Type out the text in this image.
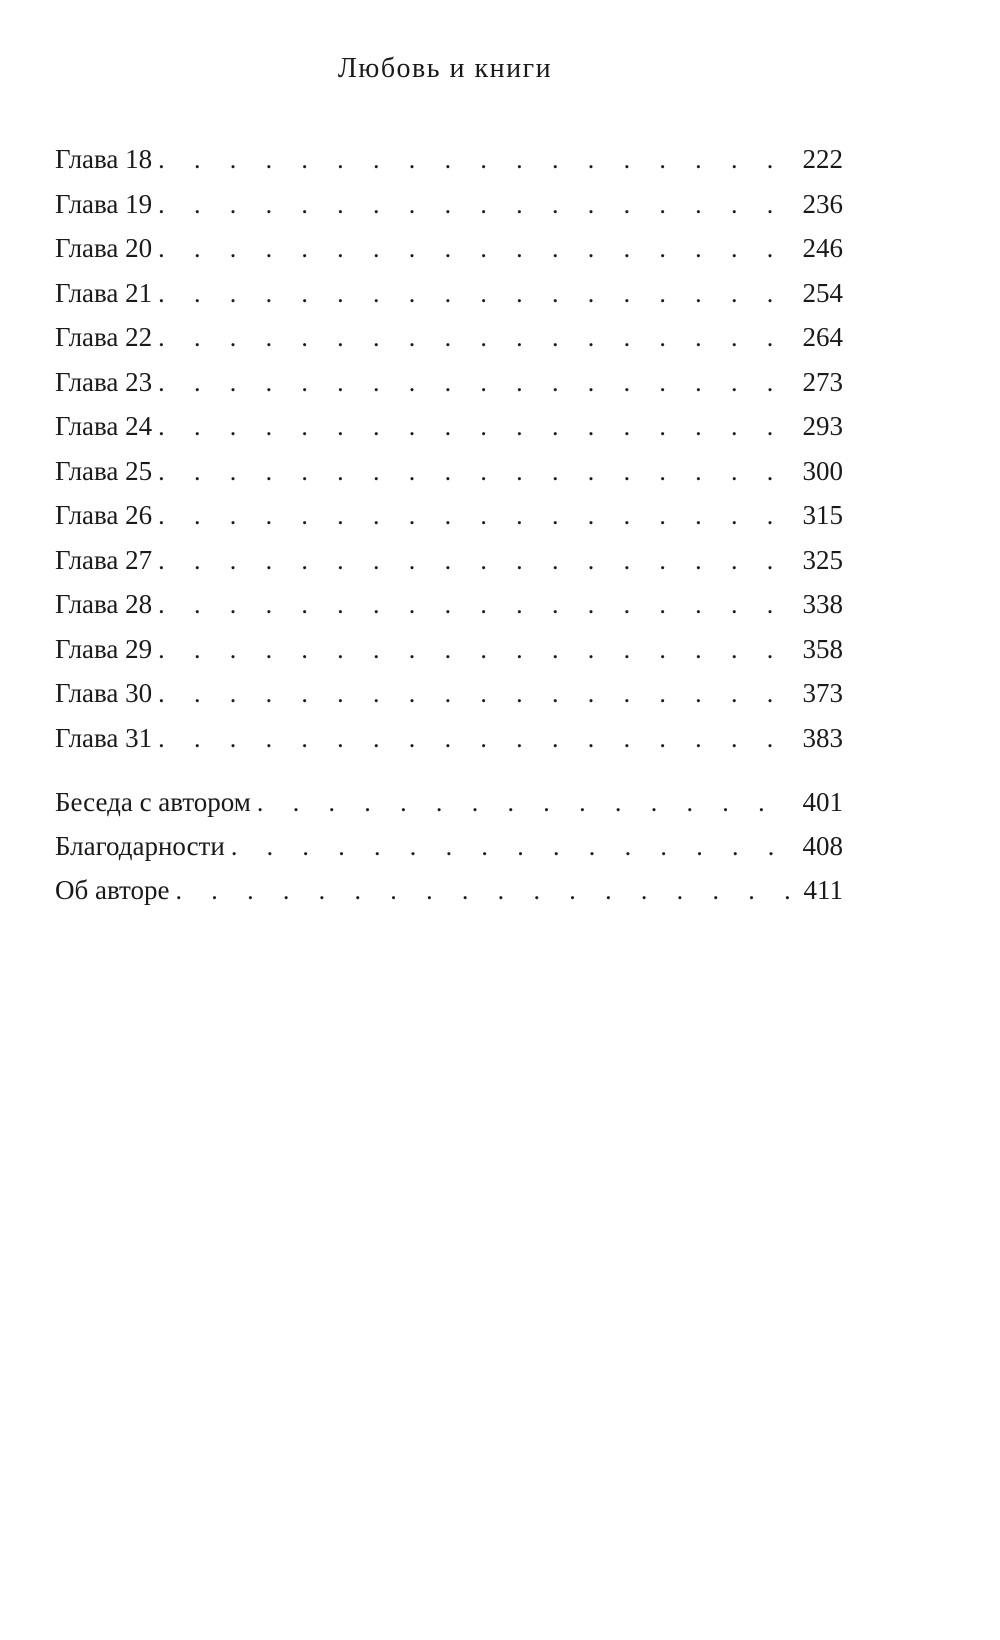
Любовь и книги
Глава 18 . . .	222
Глава 19 . . .	236
Глава 20 . . .	246
Глава 21 . . .	254
Глава 22 . . .	264
Глава 23 . . .	273
Глава 24 . . .	293
Глава 25 . . .	300
Глава 26 . . .	315
Глава 27 . . .	325
Глава 28 . . .	338
Глава 29 . . .	358
Глава 30 . . .	373
Глава 31 . . .	383
Беседа с автором . . .	401
Благодарности . . .	408
Об авторе . . .	411
